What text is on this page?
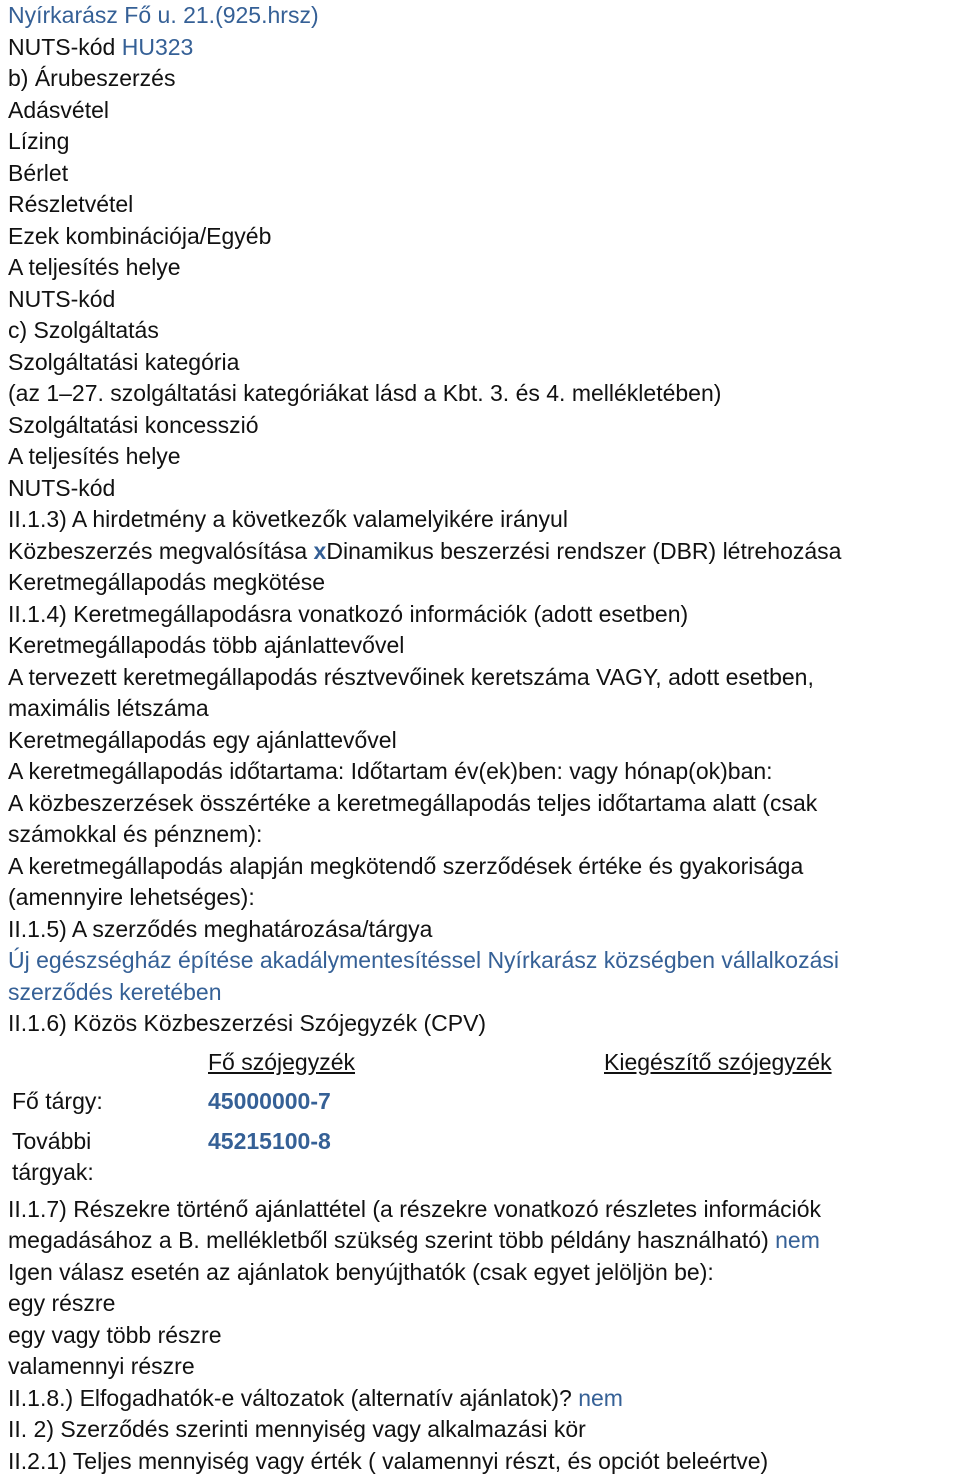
Nyírkarász Fő u. 21.(925.hrsz)
NUTS-kód HU323
b) Árubeszerzés
Adásvétel
Lízing
Bérlet
Részletvétel
Ezek kombinációja/Egyéb
A teljesítés helye
NUTS-kód
c) Szolgáltatás
Szolgáltatási kategória
(az 1–27. szolgáltatási kategóriákat lásd a Kbt. 3. és 4. mellékletében)
Szolgáltatási koncesszió
A teljesítés helye
NUTS-kód
II.1.3) A hirdetmény a következők valamelyikére irányul
Közbeszerzés megvalósítása xDinamikus beszerzési rendszer (DBR) létrehozása
Keretmegállapodás megkötése
II.1.4) Keretmegállapodásra vonatkozó információk (adott esetben)
Keretmegállapodás több ajánlattevővel
A tervezett keretmegállapodás résztvevőinek keretszáma VAGY, adott esetben,
maximális létszáma
Keretmegállapodás egy ajánlattevővel
A keretmegállapodás időtartama: Időtartam év(ek)ben: vagy hónap(ok)ban:
A közbeszerzések összértéke a keretmegállapodás teljes időtartama alatt (csak
számokkal és pénznem):
A keretmegállapodás alapján megkötendő szerződések értéke és gyakorisága
(amennyire lehetséges):
II.1.5) A szerződés meghatározása/tárgya
Új egészségház építése akadálymentesítéssel Nyírkarász községben vállalkozási
szerződés keretében
II.1.6) Közös Közbeszerzési Szójegyzék (CPV)
	Fő szójegyzék	Kiegészítő szójegyzék
Fő tárgy:	45000000-7	

További
tárgyak:	45215100-8	
II.1.7) Részekre történő ajánlattétel (a részekre vonatkozó részletes információk
megadásához a B. mellékletből szükség szerint több példány használható) nem
Igen válasz esetén az ajánlatok benyújthatók (csak egyet jelöljön be):
egy részre
egy vagy több részre
valamennyi részre
II.1.8.) Elfogadhatók-e változatok (alternatív ajánlatok)? nem
II. 2) Szerződés szerinti mennyiség vagy alkalmazási kör
II.2.1) Teljes mennyiség vagy érték ( valamennyi részt, és opciót beleértve)
